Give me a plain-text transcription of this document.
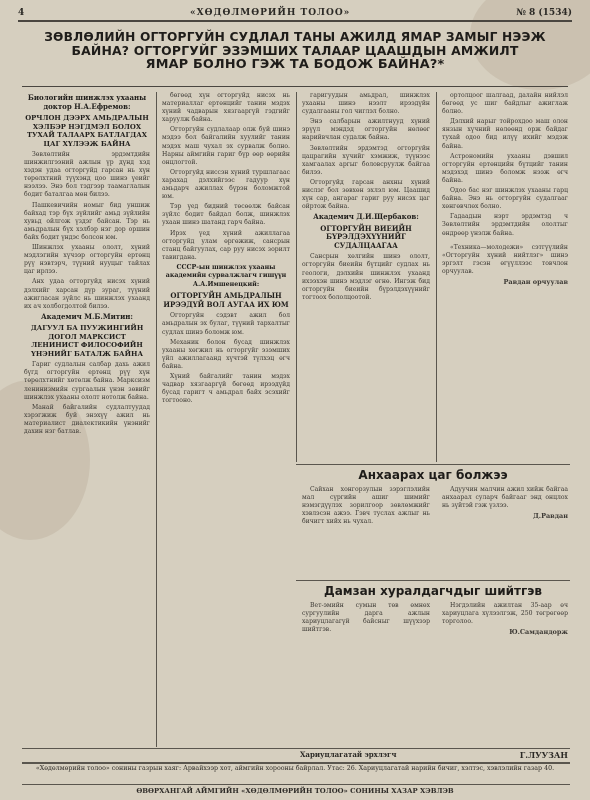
4	«ХӨДӨЛМӨРИЙН ТОЛОО»	№ 8 (1534)
ЗӨВЛӨЛИЙН ОГТОРГУЙН СУДЛАЛ ТАНЫ АЖИЛД ЯМАР ЗАМЫГ НЭЭЖ
БАЙНА? ОГТОРГУЙГ ЭЗЭМШИХ ТАЛААР ЦААШДЫН АМЖИЛТ
ЯМАР БОЛНО ГЭЖ ТА БОДОЖ БАЙНА?*
Биологийн шинжлэх ухааны доктор Н.А.Ефремов:
ОРЧЛОН ДЭЭРХ АМЬДРАЛЫН ХЭЛБЭР НЭГДМЭЛ БОЛОХ ТУХАЙ ТАЛААРХ БАТЛАГДАХ ЦАГ ХҮЛЭЭЖ БАЙНА

Зөвлөлтийн эрдэмтдийн шинжилгээний ажлын үр дүнд хэд хэдэн удаа огторгуйд гарсан нь хүн төрөлхтний түүхэнд цоо шинэ үеийг нээлээ. Энэ бол тэдгээр таамаглалын бодит баталгаа мөн билээ.

Пашкевичийн номыг бид уншиж байхад тэр бүх зүйлийг амьд зүйлийн хувьд ойлгож үздэг байсан. Тэр нь амьдралын бүх хэлбэр нэг дор оршин байх бодит үндэс болсон юм.

Шинжлэх ухааны ололт, хүний мэдлэгийн хүчээр огторгуйн ертөнц рүү нэвтэрч, түүний нууцыг тайлах цаг ирлээ.

Анх удаа огторгуйд нисэх хүний дэлхийг харсан дүр зураг, түүний ажигласан зүйлс нь шинжлэх ухаанд их ач холбогдолтой билээ.

Академич М.Б.Митин:
ДАГУУЛ БА ПУУЖИНГИЙН ДОГОЛ МАРКСИСТ ЛЕНИНИСТ ФИЛОСОФИЙН ҮНЭНИЙГ БАТАЛЖ БАЙНА

Гариг судлалын салбар дахь ажил бүгд огторгуйн ертөнц рүү хүн төрөлхтнийг хөтөлж байна. Марксизм ленинизмийн сургаалын үнэн зөвийг шинжлэх ухааны ололт нотолж байна.

Манай байгалийн судлалтуудад хэрэгжиж буй энэхүү ажил нь материалист диалектикийн үнэнийг дахин нэг батлав.

бөгөөд хүн огторгуйд нисэх нь материаллаг ертөнцийг танин мэдэх хүний чадварын хязгааргүй гэдгийг харуулж байна.

Огторгуйн судлалаар олж буй шинэ мэдээ бол байгалийн хуулийг танин мэдэх маш чухал эх сурвалж болно. Нарны аймгийн гариг бүр өөр өөрийн онцлогтой.

Огторгуйд ниссэн хүний туршлагаас харахад дэлхийгээс гадуур хүн амьдарч ажиллах бүрэн боломжтой юм.

Тэр үед бидний төсөөлж байсан зүйлс бодит байдал болж, шинжлэх ухаан шинэ шатанд гарч байна.

Ирэх үед хүний ажиллагаа огторгуйд улам өргөжиж, сансрын станц байгуулах, сар руу нисэх зорилт тавигдана.

СССР-ын шинжлэх ухааны академийн сурвалжлагч гишүүн А.А.Имшенецкий:
ОГТОРГУЙН АМЬДРАЛЫН ИРЭЭДҮЙ ВОЛ АУГАА ИХ ЮМ

Огторгуйн сэдэвт ажил бол амьдралын эх булаг, түүний тархалтыг судлах шинэ боломж юм.

Механик болон бусад шинжлэх ухааны хөгжил нь огторгуйг эзэмших үйл ажиллагаанд хүчтэй түлхэц өгч байна.

Хүний байгалийг танин мэдэх чадвар хязгааргүй бөгөөд ирээдүйд бусад гаригт ч амьдрал байх эсэхийг тогтооно.

гаригуудын амьдрал, шинжлэх ухааны шинэ нээлт ирээдүйн судалгааны гол чиглэл болно.

Энэ салбарын ажилтнууд хүний эрүүл мэндэд огторгуйн нөлөөг нарийвчлан судалж байна.

Зөвлөлтийн эрдэмтэд огторгуйн цацрагийн хүчийг хэмжиж, түүнээс хамгаалах аргыг боловсруулж байгаа билээ.

Огторгуйд гарсан анхны хүний нислэг бол зөвхөн эхлэл юм. Цаашид хүн сар, ангараг гариг руу нисэх цаг ойртож байна.

Академич Д.И.Щербаков:
ОГТОРГУЙН ВИЕИЙН БҮРЭЛДЭХҮҮНИЙГ СУДАЛЦААГАА

Сансрын хөлгийн шинэ ололт, огторгуйн биеийн бүтцийг судлах нь геологи, дэлхийн шинжлэх ухаанд ихээхэн шинэ мэдлэг өгнө. Ингэж бид огторгуйн биеийн бүрэлдэхүүнийг тогтоох бололцоотой.

ортолцоог шалгаад, далайн нийлэл бөгөөд ус шиг байдлыг ажиглаж болно.

Дэлхий нарыг тойрохдоо маш олон янзын хүчний нөлөөнд орж байдаг тухай одоо бид илүү ихийг мэдэж байна.

Астрономийн ухааны дэвшил огторгуйн ертөнцийн бүтцийг танин мэдэхэд шинэ боломж нээж өгч байна.

Одоо бас нэг шинжлэх ухааны гарц байна. Энэ нь огторгуйн судалгааг хөнгөвчлөх болно.

Гадаадын нэрт эрдэмтэд ч Зөвлөлтийн эрдэмтдийн ололтыг өндрөөр үнэлж байна.

«Техника—молодежи» сэтгүүлийн «Огторгуйн хүний нийтлэг» шинэ эргэлт гэсэн өгүүллээс товчлон орчуулав.

Равдан орчуулав
Анхаарах цаг болжээ

Сайхан хонгорзулын зэрэглэлийн мал сүргийн ашиг шимийг нэмэгдүүлэх зорилгоор зөвлөмжийг хэвлэсэн ажээ. Гэвч туслах ажлыг нь бичигт хийх нь чухал.

Адуучин малчин ажил хийж байгаа анхаарал суларч байгааг энд онцлох нь зүйтэй гэж үзлээ.

Д.Равдан
Дамзан хуралдагчдыг шийтгэв

Вет-эмийн сумын төв өмнөх сургуулийн дарга ажлын хариуцлагагүй байсныг шүүхээр шийтгэв.

Нэгдэлийн ажилтан 35-аар өч хариуцлага хүлээлгэж, 250 төгрөгөөр торголоо.

Ю.Самдандорж
Хариуцлагатай эрхлэгч	Г.ЛУУЗАН
«Хөдөлмөрийн толоо» сонины газрын хаяг: Арвайхээр хот, аймгийн хорооны байрлал. Утас: 26. Хариуцлагатай нарийн бичиг, хэлтэс, хэвлэлийн газар 40.
ӨВӨРХАНГАЙ АЙМГИЙН «ХӨДӨЛМӨРИЙН ТОЛОО» СОНИНЫ ХАЗАР ХЭВЛЭВ
